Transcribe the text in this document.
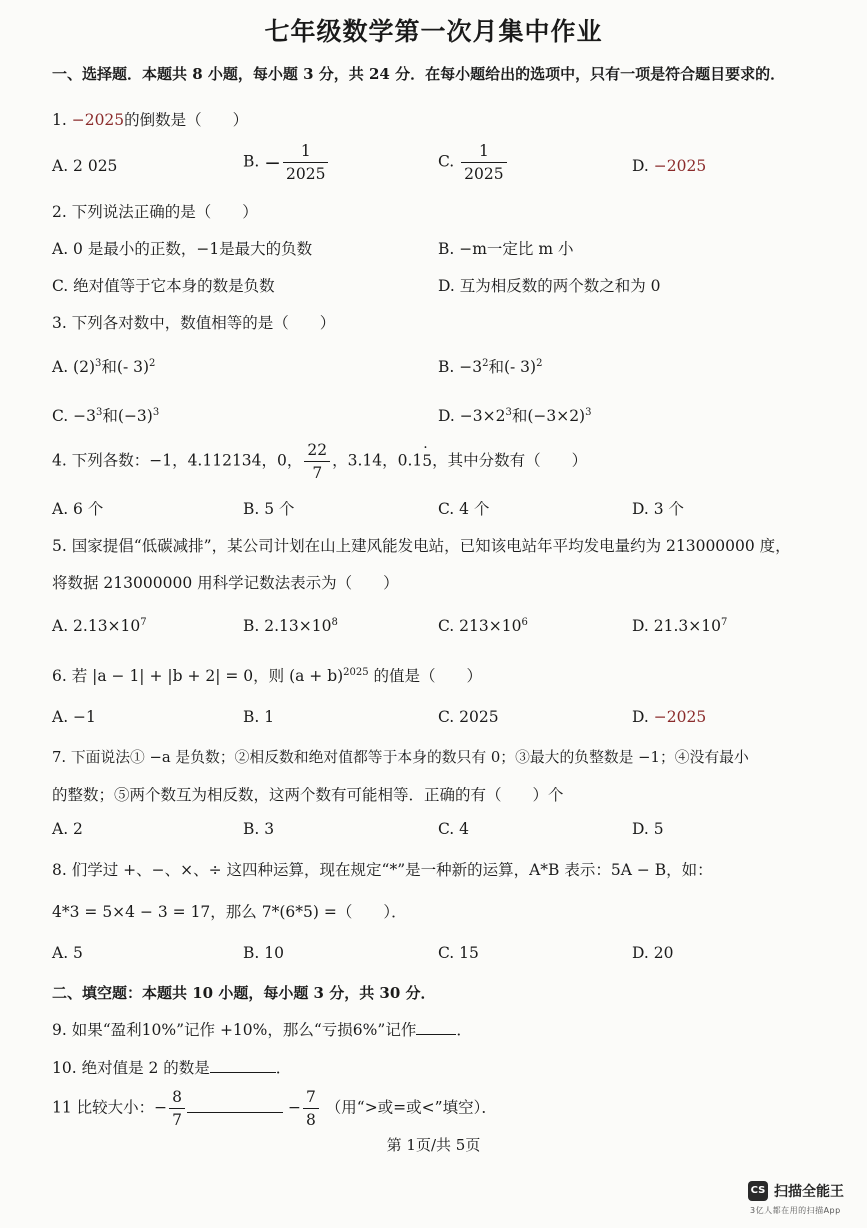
七年级数学第一次月集中作业
一、选择题．本题共 8 小题，每小题 3 分，共 24 分．在每小题给出的选项中，只有一项是符合题目要求的．
1. −2025的倒数是（　　）
A. 2 025	B. − $\frac{1}{2025}$	C. $\frac{1}{2025}$	D. −2025
2. 下列说法正确的是（　　）
A. 0 是最小的正数，−1是最大的负数	B. −m一定比 m 小
C. 绝对值等于它本身的数是负数	D. 互为相反数的两个数之和为 0
3. 下列各对数中，数值相等的是（　　）
A. $(2)^3$和(- 3)$^2$	B. $-3^2$和(- 3)$^2$
C. $-3^3$和$(-3)^3$	D. $-3\times 2^3$和$(-3\times 2)^3$
4. 下列各数：−1，4.112134，0， $\frac{22}{7}$ ，3.14，0.15 ·，其中分数有（　　）
A. 6 个	B. 5 个	C. 4 个	D. 3 个
5. 国家提倡“低碳减排”，某公司计划在山上建风能发电站，已知该电站年平均发电量约为 213000000 度，
将数据 213000000 用科学记数法表示为（　　）
A. $2.13\times 10^7$	B. $2.13\times 10^8$	C. $213\times 10^6$	D. $21.3\times 10^7$
6. 若 |a − 1| + |b + 2| = 0，则 $(a + b)^{2025}$ 的值是（　　）
A. −1	B. 1	C. 2025	D. −2025
7. 下面说法① −a 是负数；②相反数和绝对值都等于本身的数只有 0；③最大的负整数是 −1；④没有最小
的整数；⑤两个数互为相反数，这两个数有可能相等．正确的有（　　）个
A. 2	B. 3	C. 4	D. 5
8. 们学过 +、−、×、÷ 这四种运算，现在规定“*”是一种新的运算，A*B 表示：5A − B，如：
4*3 = 5×4 − 3 = 17，那么 7*(6*5) =（　　）．
A. 5	B. 10	C. 15	D. 20
二、填空题：本题共 10 小题，每小题 3 分，共 30 分．
9. 如果“盈利10%”记作 +10%，那么“亏损6%”记作	．
10. 绝对值是 2 的数是	．
11 比较大小：− $\frac{8}{7}$	− $\frac{7}{8}$ （用“>或=或<”填空）．
第 1页/共 5页
CS 扫描全能王
3亿人都在用的扫描App
